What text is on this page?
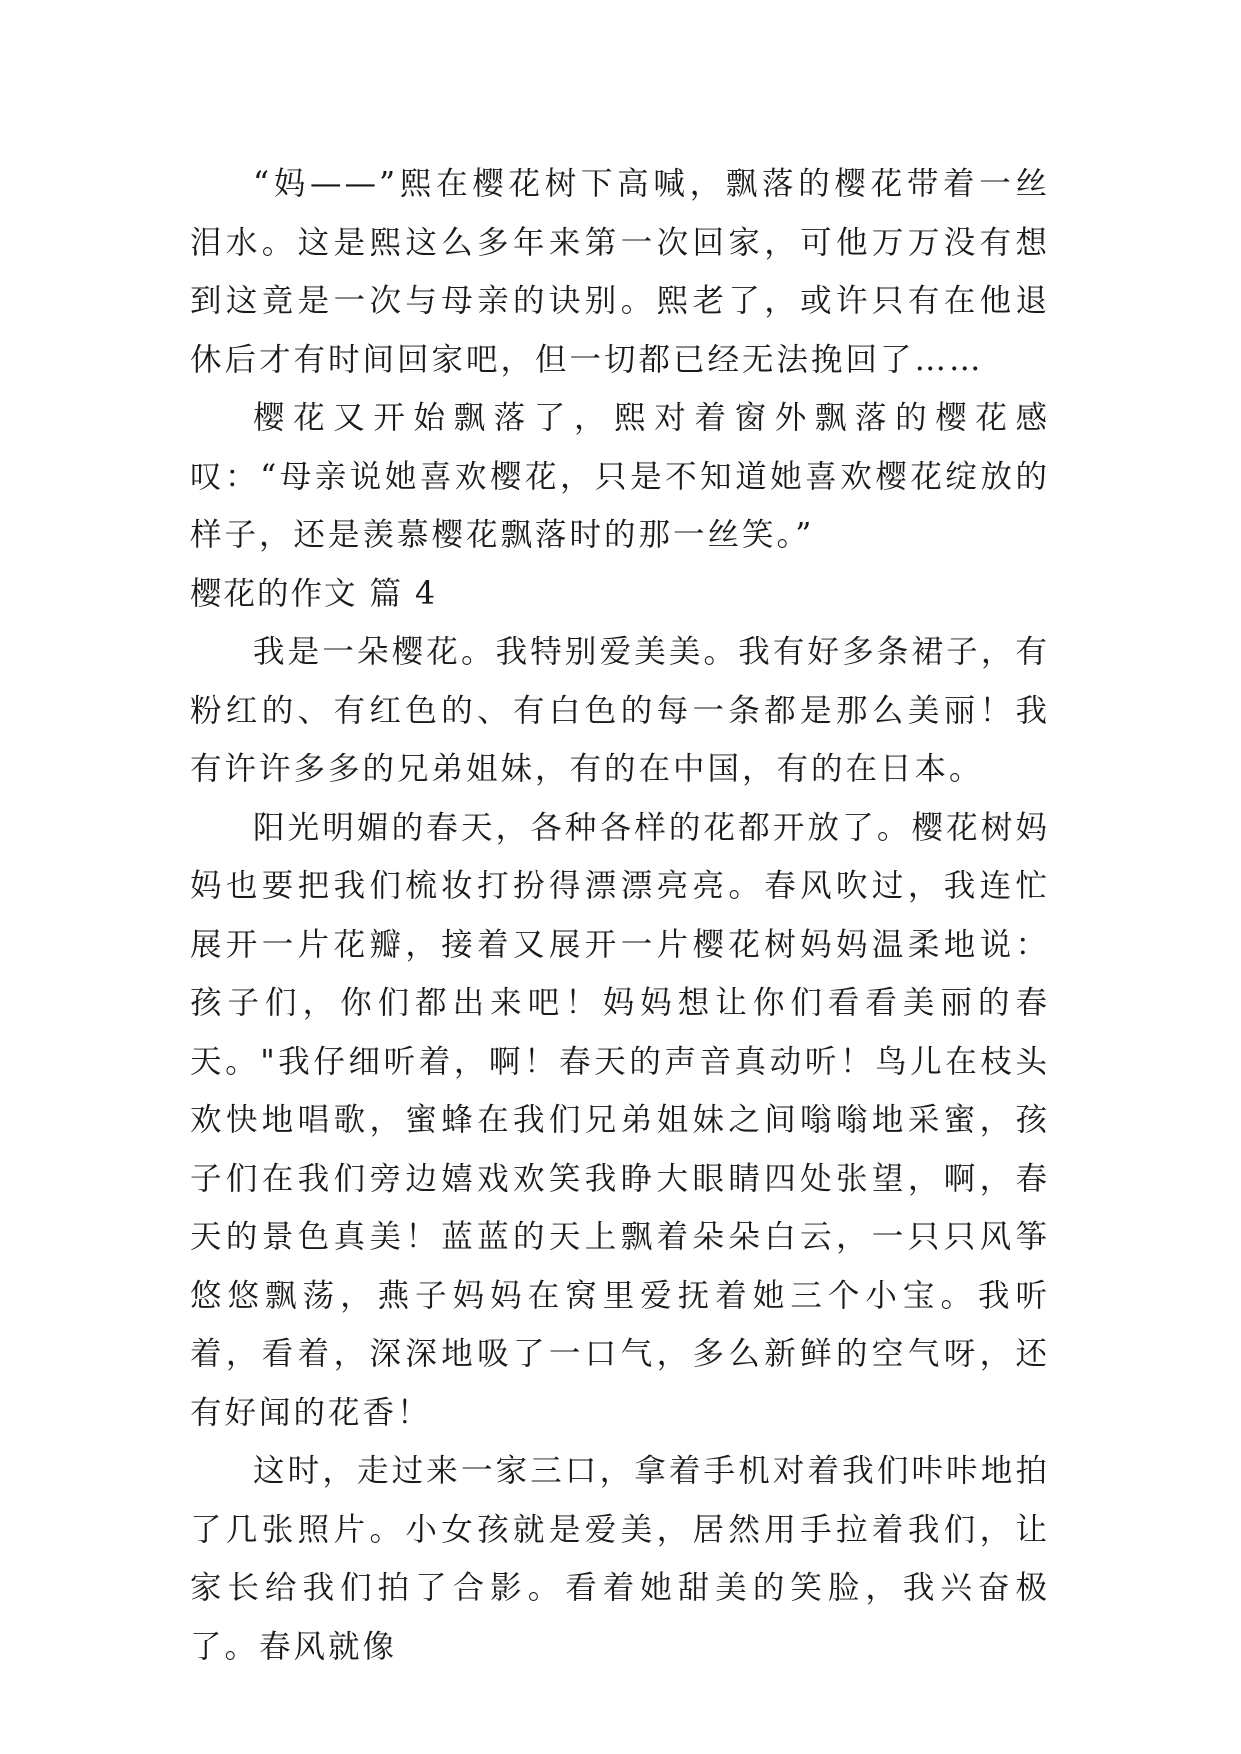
“妈——”熙在樱花树下高喊，飘落的樱花带着一丝泪水。这是熙这么多年来第一次回家，可他万万没有想到这竟是一次与母亲的诀别。熙老了，或许只有在他退休后才有时间回家吧，但一切都已经无法挽回了……

樱花又开始飘落了，熙对着窗外飘落的樱花感叹：“母亲说她喜欢樱花，只是不知道她喜欢樱花绽放的样子，还是羡慕樱花飘落时的那一丝笑。”

樱花的作文 篇 4

我是一朵樱花。我特别爱美美。我有好多条裙子，有粉红的、有红色的、有白色的每一条都是那么美丽！我有许许多多的兄弟姐妹，有的在中国，有的在日本。

阳光明媚的春天，各种各样的花都开放了。樱花树妈妈也要把我们梳妆打扮得漂漂亮亮。春风吹过，我连忙展开一片花瓣，接着又展开一片樱花树妈妈温柔地说：孩子们，你们都出来吧！妈妈想让你们看看美丽的春天。"我仔细听着，啊！春天的声音真动听！鸟儿在枝头欢快地唱歌，蜜蜂在我们兄弟姐妹之间嗡嗡地采蜜，孩子们在我们旁边嬉戏欢笑我睁大眼睛四处张望，啊，春天的景色真美！蓝蓝的天上飘着朵朵白云，一只只风筝悠悠飘荡，燕子妈妈在窝里爱抚着她三个小宝。我听着，看着，深深地吸了一口气，多么新鲜的空气呀，还有好闻的花香！

这时，走过来一家三口，拿着手机对着我们咔咔地拍了几张照片。小女孩就是爱美，居然用手拉着我们，让家长给我们拍了合影。看着她甜美的笑脸，我兴奋极了。春风就像
